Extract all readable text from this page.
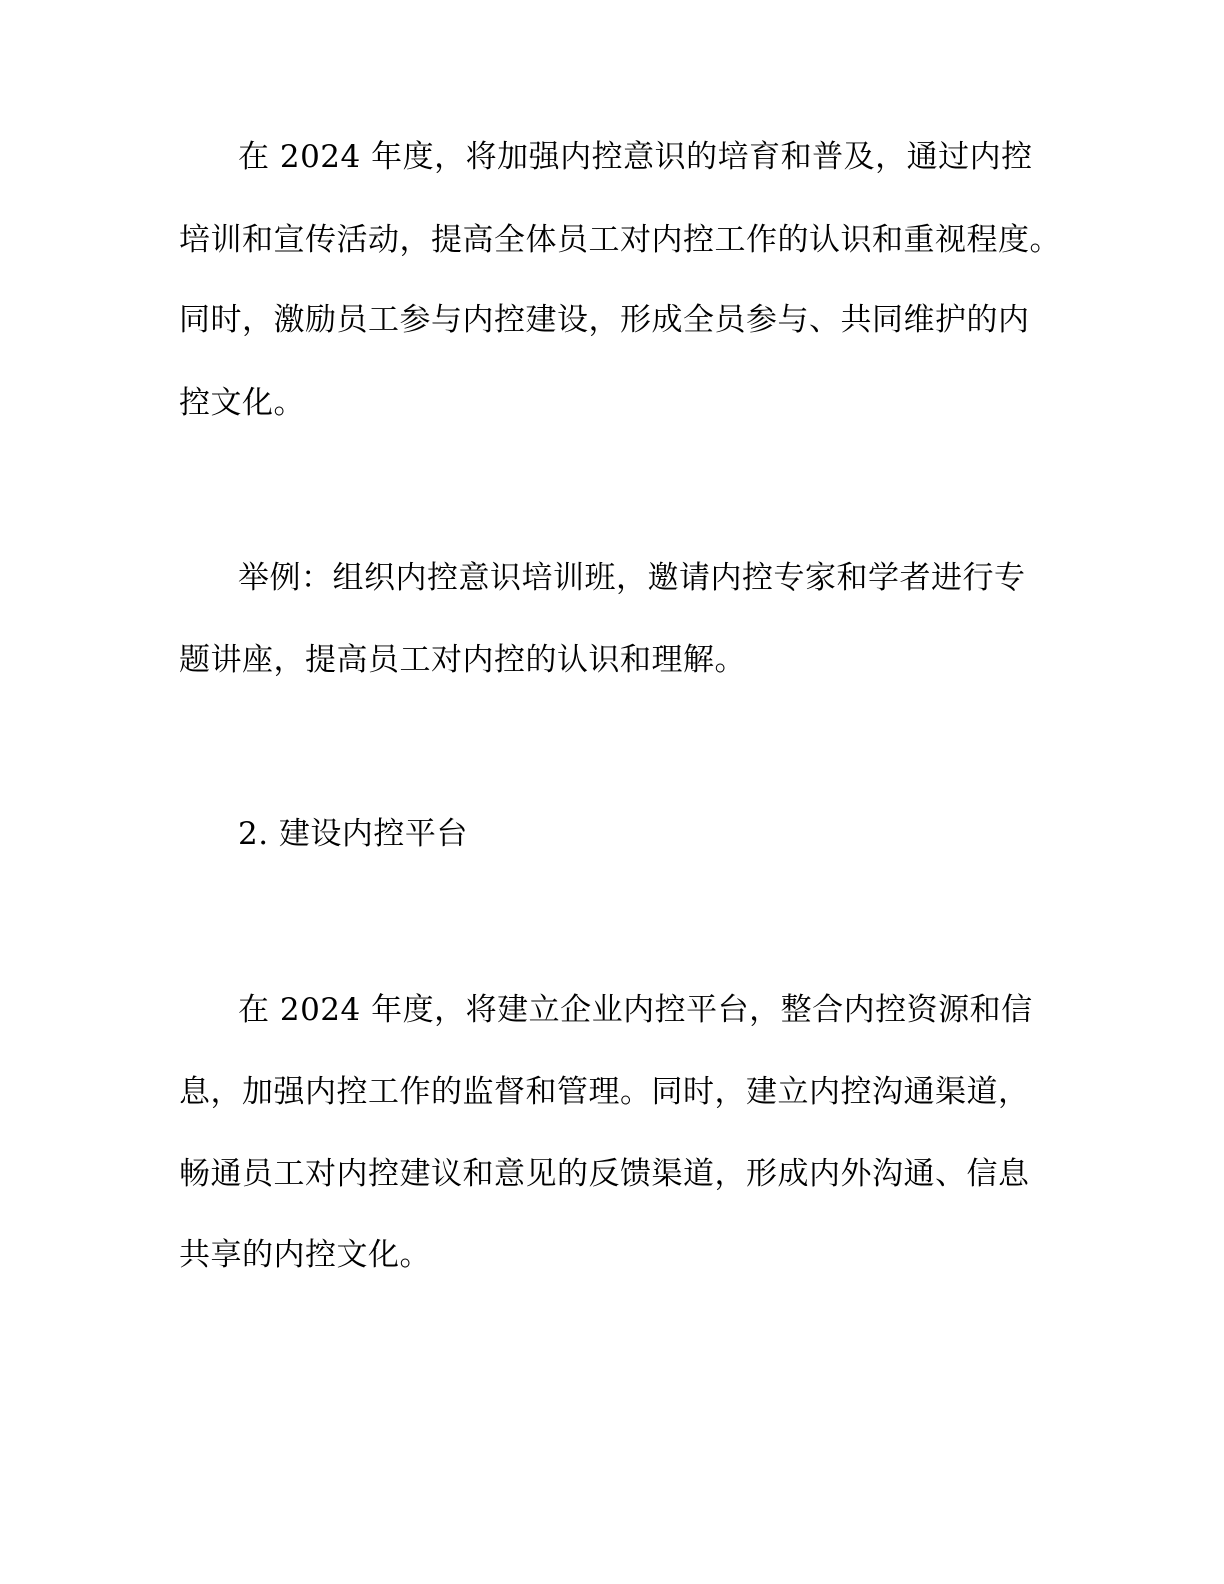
在 2024 年度，将加强内控意识的培育和普及，通过内控
培训和宣传活动，提高全体员工对内控工作的认识和重视程度。
同时，激励员工参与内控建设，形成全员参与、共同维护的内
控文化。
举例：组织内控意识培训班，邀请内控专家和学者进行专
题讲座，提高员工对内控的认识和理解。
2. 建设内控平台
在 2024 年度，将建立企业内控平台，整合内控资源和信
息，加强内控工作的监督和管理。同时，建立内控沟通渠道，
畅通员工对内控建议和意见的反馈渠道，形成内外沟通、信息
共享的内控文化。
